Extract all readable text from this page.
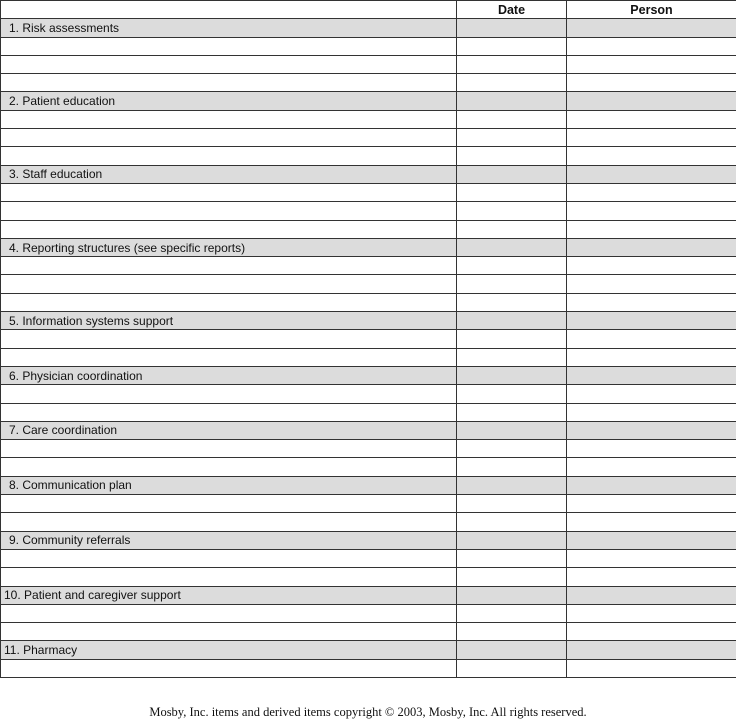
	Date	Person
1. Risk assessments		

2. Patient education		

3. Staff education		

4. Reporting structures (see specific reports)		

5. Information systems support		

6. Physician coordination		

7. Care coordination		

8. Communication plan		

9. Community referrals		

10. Patient and caregiver support		

11. Pharmacy		

Mosby, Inc. items and derived items copyright © 2003, Mosby, Inc. All rights reserved.
